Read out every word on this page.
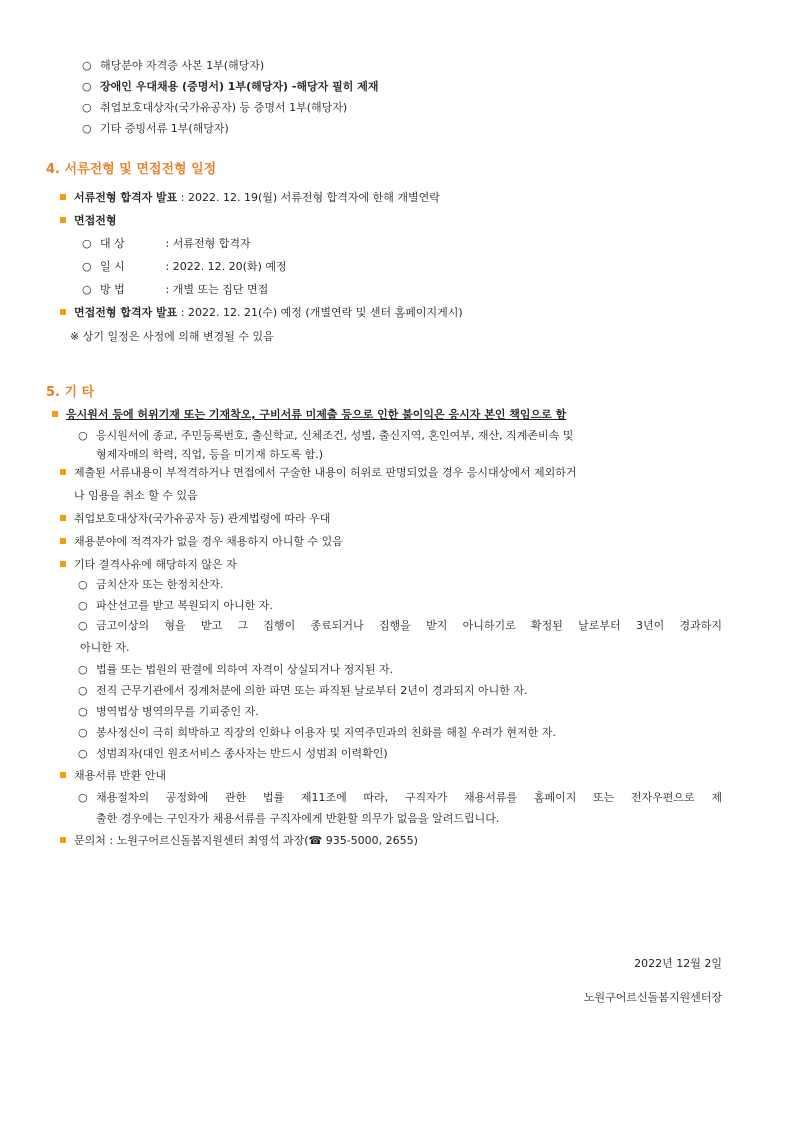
○ 해당분야 자격증 사본 1부(해당자)
○ 장애인 우대채용 (증명서) 1부(해당자) -해당자 필히 제재
○ 취업보호대상자(국가유공자) 등 증명서 1부(해당자)
○ 기타 증빙서류 1부(해당자)
4. 서류전형 및 면접전형 일정
서류전형 합격자 발표 : 2022. 12. 19(월) 서류전형 합격자에 한해 개별연락
면접전형
○ 대 상	: 서류전형 합격자
○ 일 시	: 2022. 12. 20(화) 예정
○ 방 법	: 개별 또는 집단 면접
면접전형 합격자 발표 : 2022. 12. 21(수) 예정 (개별연락 및 센터 홈페이지게시)
※ 상기 일정은 사정에 의해 변경될 수 있음
5. 기 타
응시원서 등에 허위기재 또는 기재착오, 구비서류 미제출 등으로 인한 불이익은 응시자 본인 책임으로 함
○ 응시원서에 종교, 주민등록번호, 출신학교, 신체조건, 성별, 출신지역, 혼인여부, 재산, 직계존비속 및
형제자매의 학력, 직업, 등을 미기재 하도록 함.)
제출된 서류내용이 부적격하거나 면접에서 구술한 내용이 허위로 판명되었을 경우 응시대상에서 제외하거
나 임용을 취소 할 수 있음
취업보호대상자(국가유공자 등) 관계법령에 따라 우대
채용분야에 적격자가 없을 경우 채용하지 아니할 수 있음
기타 결격사유에 해당하지 않은 자
○ 금치산자 또는 한정치산자.
○ 파산선고를 받고 복원되지 아니한 자.
○ 금고이상의 형을 받고 그 집행이 종료되거나 집행을 받지 아니하기로 확정된 날로부터 3년이 경과하지
아니한 자.
○ 법률 또는 법원의 판결에 의하여 자격이 상실되거나 정지된 자.
○ 전직 근무기관에서 징계처분에 의한 파면 또는 파직된 날로부터 2년이 경과되지 아니한 자.
○ 병역법상 병역의무를 기피중인 자.
○ 봉사정신이 극히 희박하고 직장의 인화나 이용자 및 지역주민과의 친화를 해칠 우려가 현저한 자.
○ 성범죄자(대인 원조서비스 종사자는 반드시 성범죄 이력확인)
채용서류 반환 안내
○ 채용절차의 공정화에 관한 법률 제11조에 따라, 구직자가 채용서류를 홈페이지 또는 전자우편으로 제
출한 경우에는 구인자가 채용서류를 구직자에게 반환할 의무가 없음을 알려드립니다.
문의처 : 노원구어르신돌봄지원센터 최영석 과장(☎ 935-5000, 2655)
2022년 12월 2일
노원구어르신돌봄지원센터장
